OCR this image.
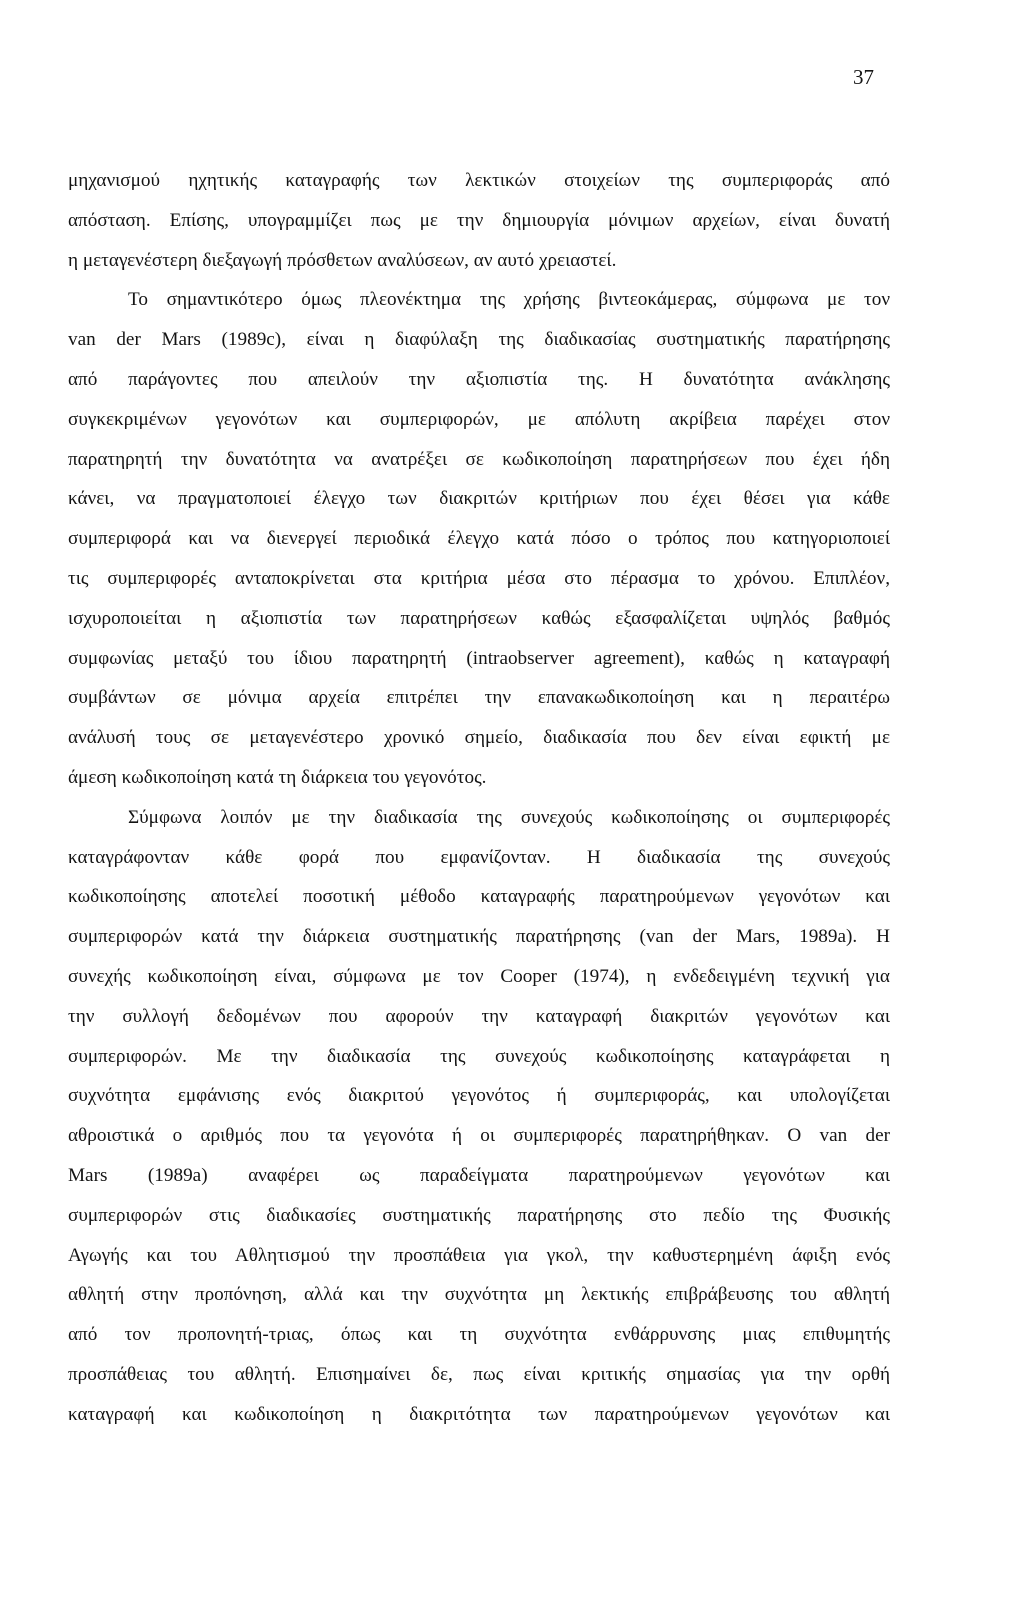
37
μηχανισμού ηχητικής καταγραφής των λεκτικών στοιχείων της συμπεριφοράς από
απόσταση. Επίσης, υπογραμμίζει πως με την δημιουργία μόνιμων αρχείων, είναι δυνατή
η μεταγενέστερη διεξαγωγή πρόσθετων αναλύσεων, αν αυτό χρειαστεί.
Το σημαντικότερο όμως πλεονέκτημα της χρήσης βιντεοκάμερας, σύμφωνα με τον
van der Mars (1989c), είναι η διαφύλαξη της διαδικασίας συστηματικής παρατήρησης
από παράγοντες που απειλούν την αξιοπιστία της. Η δυνατότητα ανάκλησης
συγκεκριμένων γεγονότων και συμπεριφορών, με απόλυτη ακρίβεια παρέχει στον
παρατηρητή την δυνατότητα να ανατρέξει σε κωδικοποίηση παρατηρήσεων που έχει ήδη
κάνει, να πραγματοποιεί έλεγχο των διακριτών κριτήριων που έχει θέσει για κάθε
συμπεριφορά και να διενεργεί περιοδικά έλεγχο κατά πόσο ο τρόπος που κατηγοριοποιεί
τις συμπεριφορές ανταποκρίνεται στα κριτήρια μέσα στο πέρασμα το χρόνου. Επιπλέον,
ισχυροποιείται η αξιοπιστία των παρατηρήσεων καθώς εξασφαλίζεται υψηλός βαθμός
συμφωνίας μεταξύ του ίδιου παρατηρητή (intraobserver agreement), καθώς η καταγραφή
συμβάντων σε μόνιμα αρχεία επιτρέπει την επανακωδικοποίηση και η περαιτέρω
ανάλυσή τους σε μεταγενέστερο χρονικό σημείο, διαδικασία που δεν είναι εφικτή με
άμεση κωδικοποίηση κατά τη διάρκεια του γεγονότος.
Σύμφωνα λοιπόν με την διαδικασία της συνεχούς κωδικοποίησης οι συμπεριφορές
καταγράφονταν κάθε φορά που εμφανίζονταν. Η διαδικασία της συνεχούς
κωδικοποίησης αποτελεί ποσοτική μέθοδο καταγραφής παρατηρούμενων γεγονότων και
συμπεριφορών κατά την διάρκεια συστηματικής παρατήρησης (van der Mars, 1989a). Η
συνεχής κωδικοποίηση είναι, σύμφωνα με τον Cooper (1974), η ενδεδειγμένη τεχνική για
την συλλογή δεδομένων που αφορούν την καταγραφή διακριτών γεγονότων και
συμπεριφορών. Με την διαδικασία της συνεχούς κωδικοποίησης καταγράφεται η
συχνότητα εμφάνισης ενός διακριτού γεγονότος ή συμπεριφοράς, και υπολογίζεται
αθροιστικά ο αριθμός που τα γεγονότα ή οι συμπεριφορές παρατηρήθηκαν. Ο van der
Mars (1989a) αναφέρει ως παραδείγματα παρατηρούμενων γεγονότων και
συμπεριφορών στις διαδικασίες συστηματικής παρατήρησης στο πεδίο της Φυσικής
Αγωγής και του Αθλητισμού την προσπάθεια για γκολ, την καθυστερημένη άφιξη ενός
αθλητή στην προπόνηση, αλλά και την συχνότητα μη λεκτικής επιβράβευσης του αθλητή
από τον προπονητή-τριας, όπως και τη συχνότητα ενθάρρυνσης μιας επιθυμητής
προσπάθειας του αθλητή. Επισημαίνει δε, πως είναι κριτικής σημασίας για την ορθή
καταγραφή και κωδικοποίηση η διακριτότητα των παρατηρούμενων γεγονότων και
